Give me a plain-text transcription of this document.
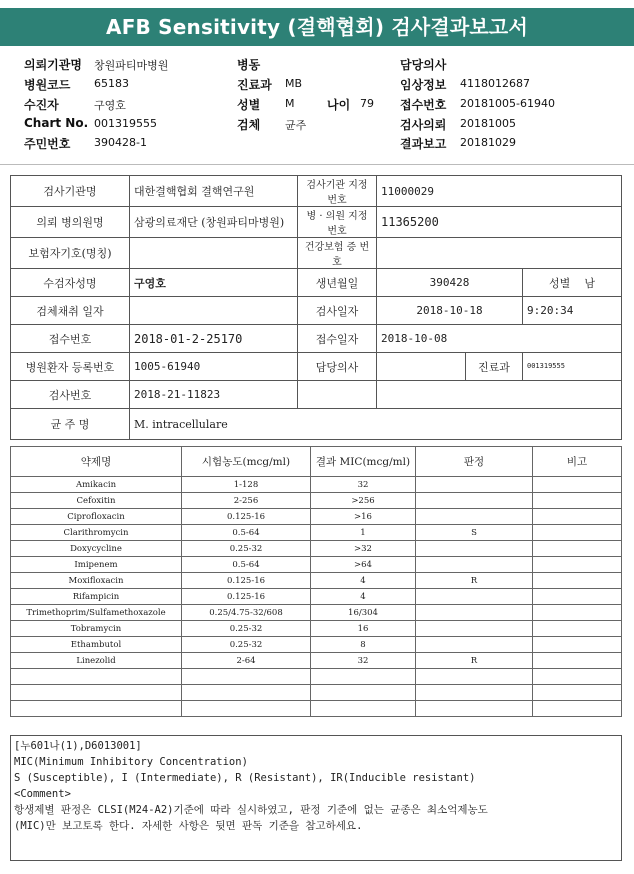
AFB Sensitivity (결핵협회) 검사결과보고서
의뢰기관명 창원파티마병원	병동	담당의사
병원코드 65183	진료과 MB	임상정보 4118012687
수진자	구영호	성별 M	나이 79 접수번호 20181005-61940
Chart No. 001319555	검체 균주	검사의뢰 20181005
주민번호 390428-1	결과보고 20181029
검사기관명	대한결핵협회 결핵연구원	검사기관 지정번호	11000029		
의뢰 병의원명	삼광의료재단 (창원파티마병원)	병 · 의원 지정번호	11365200		
보험자기호(명칭)		건강보험 증 번 호			
수검자성명	구영호	생년월일	390428		성별 남
검체채취 일자		검사일자	2018-10-18		9:20:34
접수번호	2018-01-2-25170	접수일자	2018-10-08		
병원환자 등록번호	1005-61940	담당의사		진료과	001319555
검사번호	2018-21-11823				
균 주 명	M. intracellulare				
약제명	시험농도(mcg/ml)	결과 MIC(mcg/ml)	판정	비고
Amikacin	1-128	32		
Cefoxitin	2-256	>256		
Ciprofloxacin	0.125-16	>16		
Clarithromycin	0.5-64	1	S	
Doxycycline	0.25-32	>32		
Imipenem	0.5-64	>64		
Moxifloxacin	0.125-16	4	R	
Rifampicin	0.125-16	4		
Trimethoprim/Sulfamethoxazole	0.25/4.75-32/608	16/304		
Tobramycin	0.25-32	16		
Ethambutol	0.25-32	8		
Linezolid	2-64	32	R	

[누601나(1),D6013001]
MIC(Minimum Inhibitory Concentration)
S (Susceptible), I (Intermediate), R (Resistant), IR(Inducible resistant)
<Comment>
항생제별 판정은 CLSI(M24-A2)기준에 따라 실시하였고, 판정 기준에 없는 균종은 최소억제농도
(MIC)만 보고토록 한다. 자세한 사항은 뒷면 판독 기준을 참고하세요.
